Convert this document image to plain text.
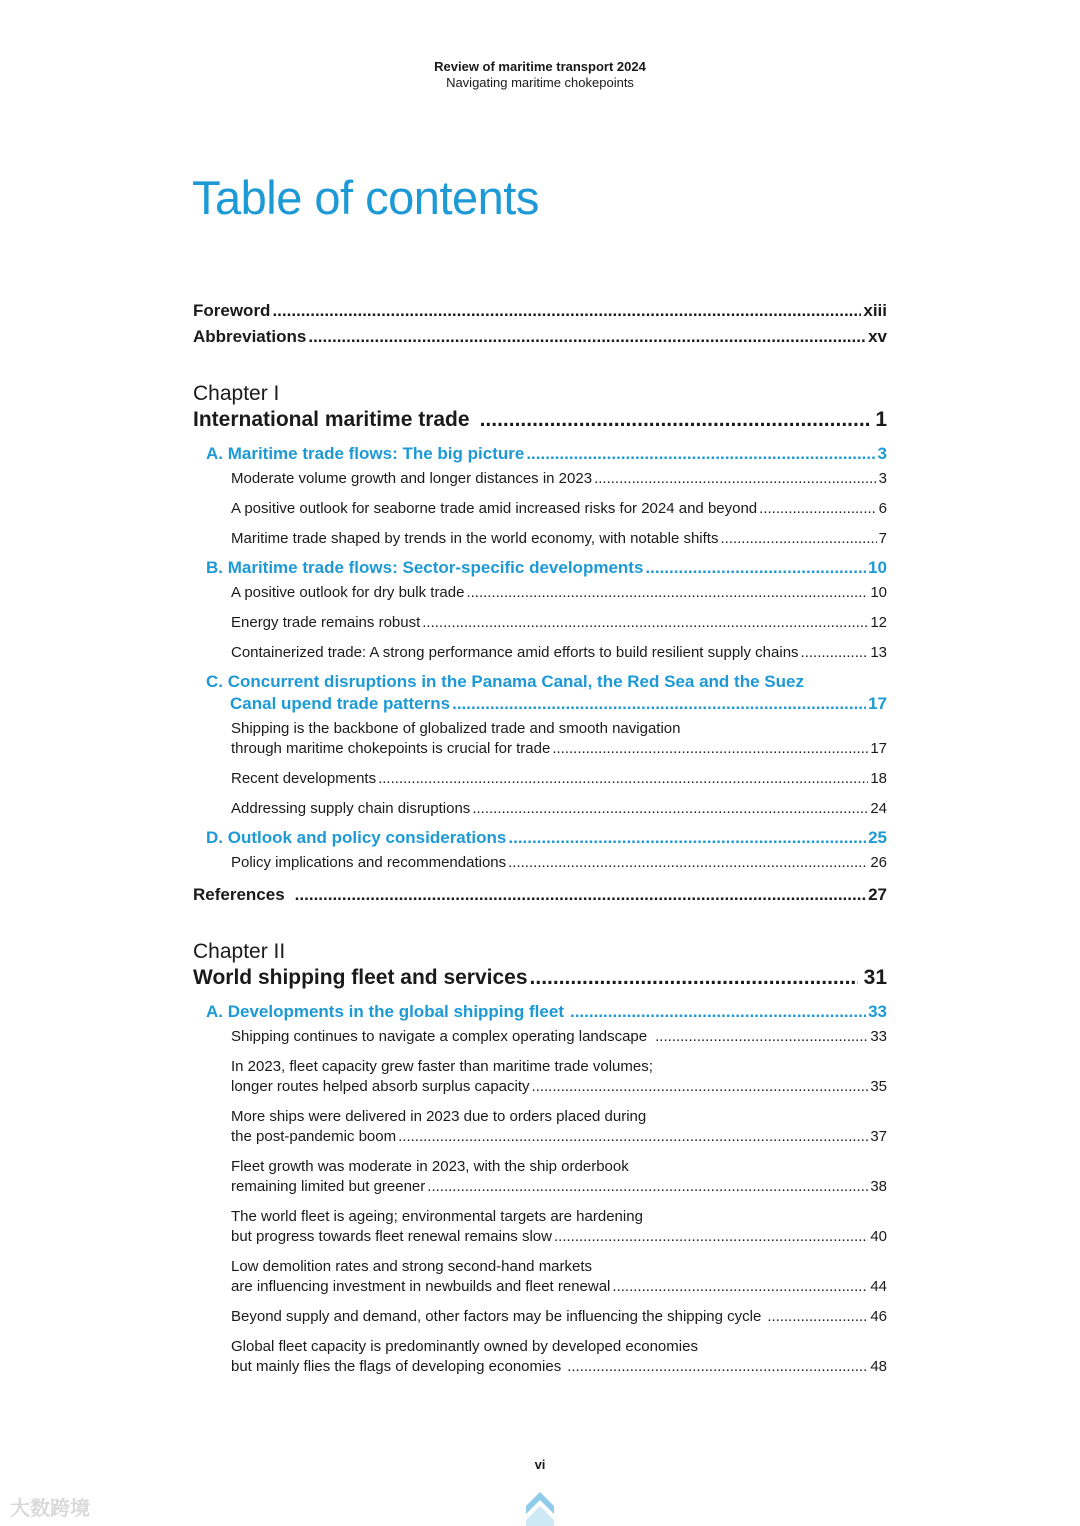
Review of maritime transport 2024
Navigating maritime chokepoints
Table of contents
Foreword .....	xiii
Abbreviations .....	xv
Chapter I
International maritime trade .....	1
A. Maritime trade flows: The big picture .....	3
Moderate volume growth and longer distances in 2023 .....	3
A positive outlook for seaborne trade amid increased risks for 2024 and beyond .....	6
Maritime trade shaped by trends in the world economy, with notable shifts .....	7
B. Maritime trade flows: Sector-specific developments .....	10
A positive outlook for dry bulk trade .....	10
Energy trade remains robust .....	12
Containerized trade: A strong performance amid efforts to build resilient supply chains .....	13
C. Concurrent disruptions in the Panama Canal, the Red Sea and the Suez
Canal upend trade patterns .....	17
Shipping is the backbone of globalized trade and smooth navigation
through maritime chokepoints is crucial for trade .....	17
Recent developments .....	18
Addressing supply chain disruptions .....	24
D. Outlook and policy considerations .....	25
Policy implications and recommendations .....	26
References .....	27
Chapter II
World shipping fleet and services .....	31
A. Developments in the global shipping fleet .....	33
Shipping continues to navigate a complex operating landscape .....	33
In 2023, fleet capacity grew faster than maritime trade volumes;
longer routes helped absorb surplus capacity .....	35
More ships were delivered in 2023 due to orders placed during
the post-pandemic boom .....	37
Fleet growth was moderate in 2023, with the ship orderbook
remaining limited but greener .....	38
The world fleet is ageing; environmental targets are hardening
but progress towards fleet renewal remains slow .....	40
Low demolition rates and strong second-hand markets
are influencing investment in newbuilds and fleet renewal .....	44
Beyond supply and demand, other factors may be influencing the shipping cycle .....	46
Global fleet capacity is predominantly owned by developed economies
but mainly flies the flags of developing economies .....	48
vi
大数跨境
